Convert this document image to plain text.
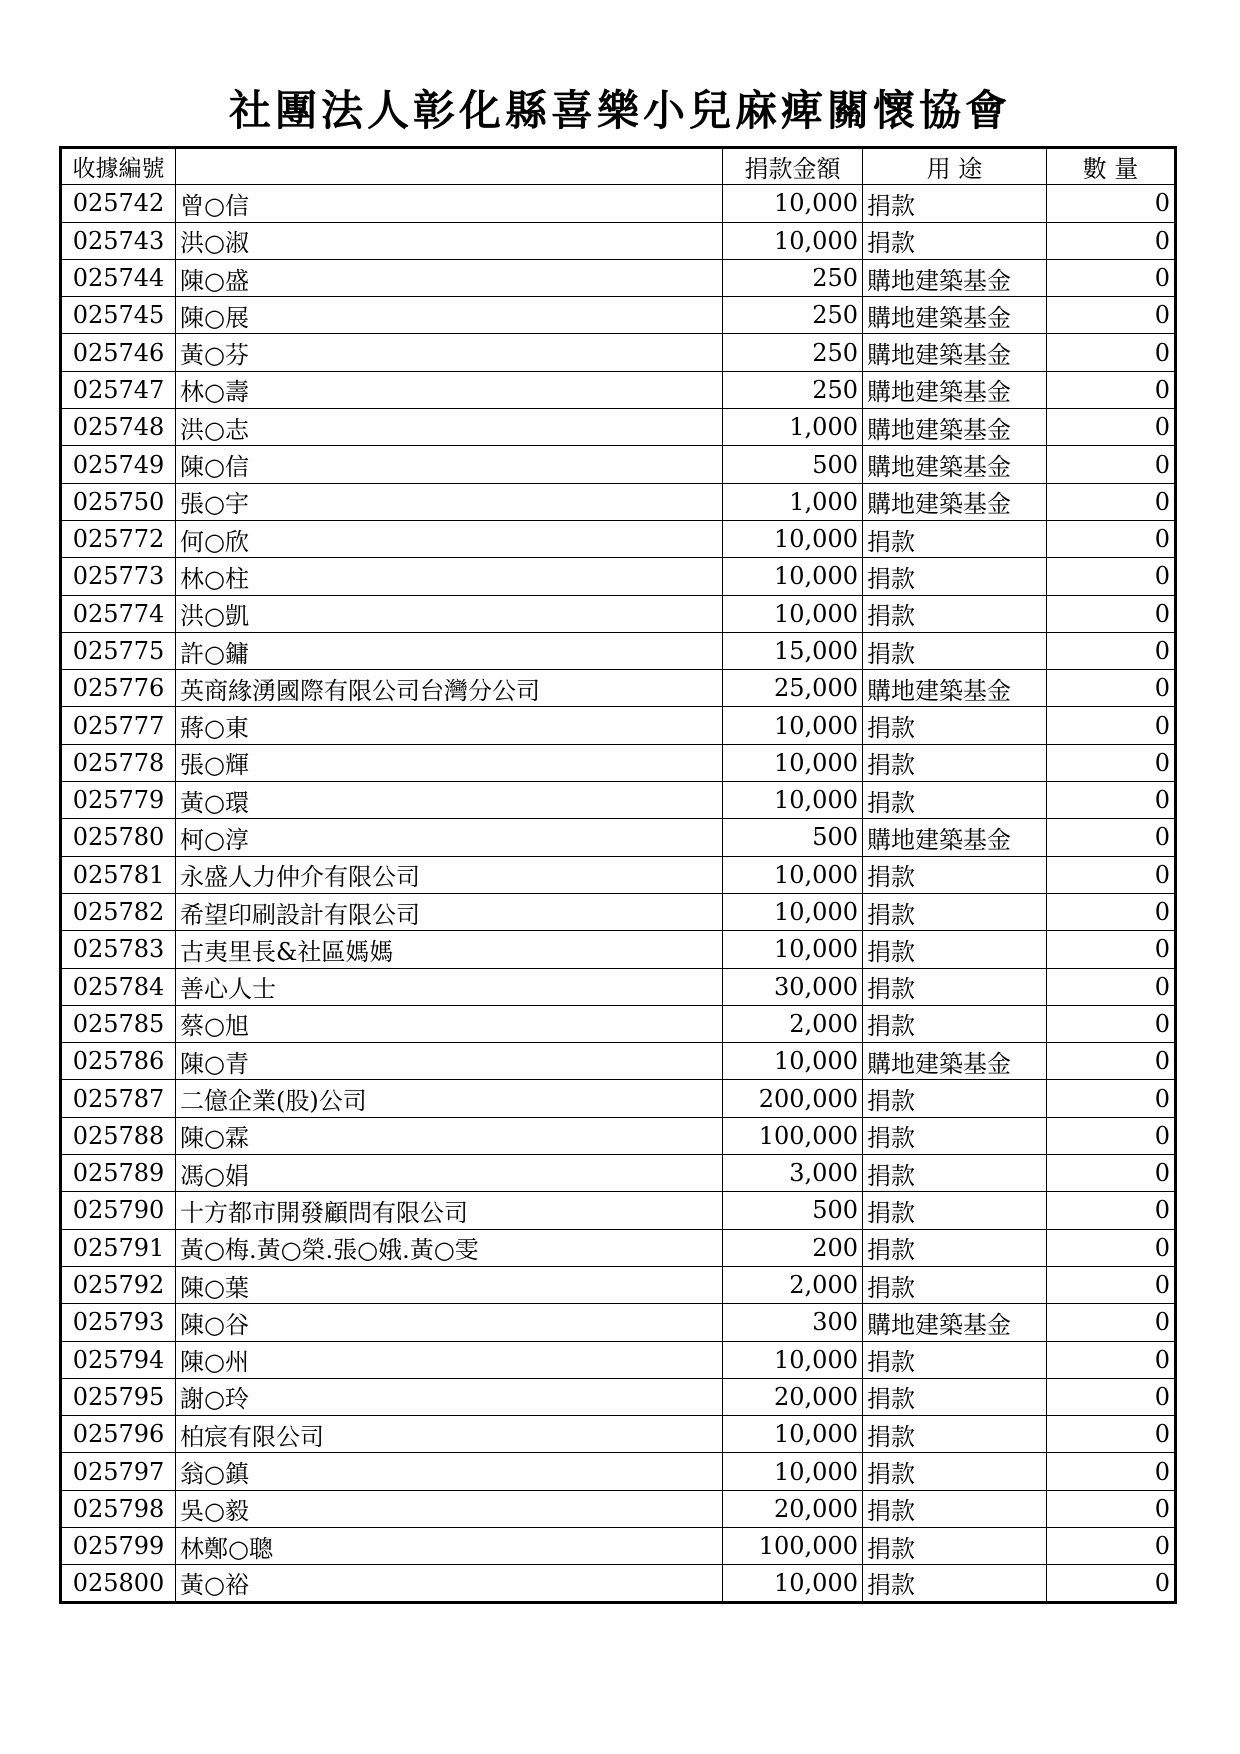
社團法人彰化縣喜樂小兒麻痺關懷協會
收據編號		捐款金額	用 途	數 量
025742	曾○信	10,000	捐款	0
025743	洪○淑	10,000	捐款	0
025744	陳○盛	250	購地建築基金	0
025745	陳○展	250	購地建築基金	0
025746	黃○芬	250	購地建築基金	0
025747	林○壽	250	購地建築基金	0
025748	洪○志	1,000	購地建築基金	0
025749	陳○信	500	購地建築基金	0
025750	張○宇	1,000	購地建築基金	0
025772	何○欣	10,000	捐款	0
025773	林○柱	10,000	捐款	0
025774	洪○凱	10,000	捐款	0
025775	許○鏞	15,000	捐款	0
025776	英商緣湧國際有限公司台灣分公司	25,000	購地建築基金	0
025777	蔣○東	10,000	捐款	0
025778	張○輝	10,000	捐款	0
025779	黃○環	10,000	捐款	0
025780	柯○淳	500	購地建築基金	0
025781	永盛人力仲介有限公司	10,000	捐款	0
025782	希望印刷設計有限公司	10,000	捐款	0
025783	古夷里長&社區媽媽	10,000	捐款	0
025784	善心人士	30,000	捐款	0
025785	蔡○旭	2,000	捐款	0
025786	陳○青	10,000	購地建築基金	0
025787	二億企業(股)公司	200,000	捐款	0
025788	陳○霖	100,000	捐款	0
025789	馮○娟	3,000	捐款	0
025790	十方都市開發顧問有限公司	500	捐款	0
025791	黃○梅.黃○榮.張○娥.黃○雯	200	捐款	0
025792	陳○葉	2,000	捐款	0
025793	陳○谷	300	購地建築基金	0
025794	陳○州	10,000	捐款	0
025795	謝○玲	20,000	捐款	0
025796	柏宸有限公司	10,000	捐款	0
025797	翁○鎮	10,000	捐款	0
025798	吳○毅	20,000	捐款	0
025799	林鄭○聰	100,000	捐款	0
025800	黃○裕	10,000	捐款	0
